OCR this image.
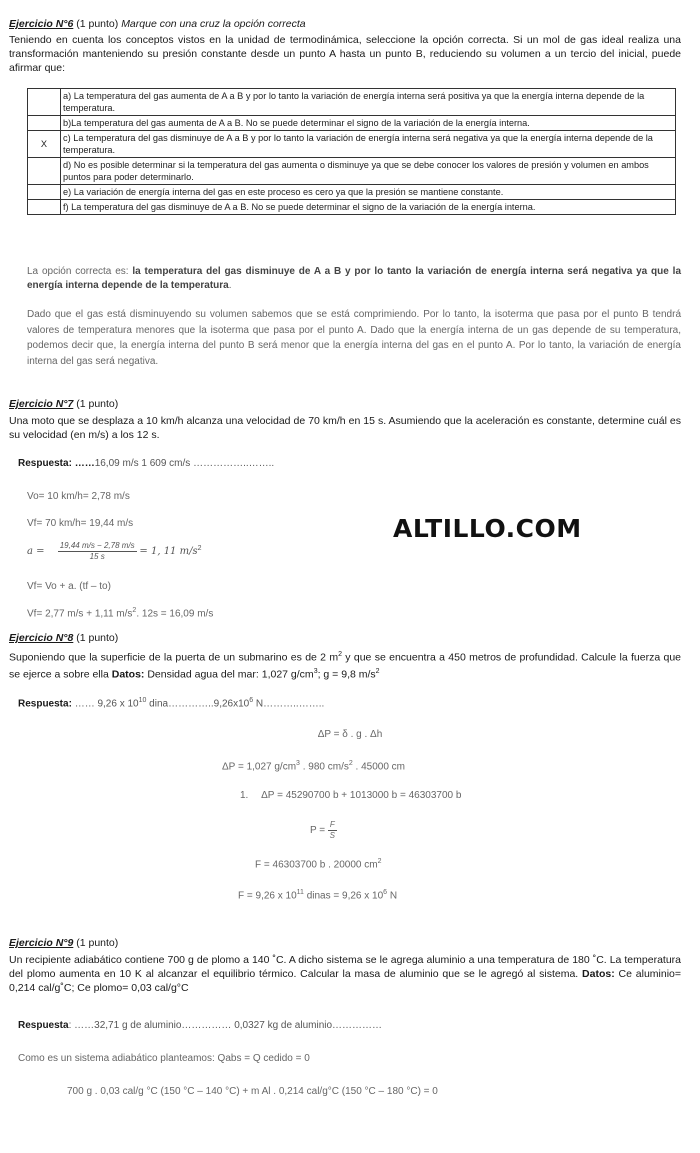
Ejercicio N°6 (1 punto) Marque con una cruz la opción correcta
Teniendo en cuenta los conceptos vistos en la unidad de termodinámica, seleccione la opción correcta. Si un mol de gas ideal realiza una transformación manteniendo su presión constante desde un punto A hasta un punto B, reduciendo su volumen a un tercio del inicial, puede afirmar que:
	a) La temperatura del gas aumenta de A a B y por lo tanto la variación de energía interna será positiva ya que la energía interna depende de la temperatura.
	b)La temperatura del gas aumenta de A a B. No se puede determinar el signo de la variación de la energía interna.
X	c) La temperatura del gas disminuye de A a B y por lo tanto la variación de energía interna será negativa ya que la energía interna depende de la temperatura.
	d) No es posible determinar si la temperatura del gas aumenta o disminuye ya que se debe conocer los valores de presión y volumen en ambos puntos para poder determinarlo.
	e) La variación de energía interna del gas en este proceso es cero ya que la presión se mantiene constante.
	f) La temperatura del gas disminuye de A a B. No se puede determinar el signo de la variación de la energía interna.
La opción correcta es: la temperatura del gas disminuye de A a B y por lo tanto la variación de energía interna será negativa ya que la energía interna depende de la temperatura.
Dado que el gas está disminuyendo su volumen sabemos que se está comprimiendo. Por lo tanto, la isoterma que pasa por el punto B tendrá valores de temperatura menores que la isoterma que pasa por el punto A. Dado que la energía interna de un gas depende de su temperatura, podemos decir que, la energía interna del punto B será menor que la energía interna del gas en el punto A. Por lo tanto, la variación de energía interna del gas será negativa.
Ejercicio N°7 (1 punto)
Una moto que se desplaza a 10 km/h alcanza una velocidad de 70 km/h en 15 s. Asumiendo que la aceleración es constante, determine cuál es su velocidad (en m/s) a los 12 s.
Respuesta: ……16,09 m/s 1 609 cm/s ……………..……..
Vo= 10 km/h= 2,78 m/s
Vf= 70 km/h= 19,44 m/s
$a = \frac{19,44 m/s - 2,78 m/s}{15 s} = 1$, 11 $m/s^2$
Vf= Vo + a. (tf – to)
Vf= 2,77 m/s + 1,11 $m/s^2$. 12s = 16,09 m/s
ALTILLO.COM
Ejercicio N°8 (1 punto)
Suponiendo que la superficie de la puerta de un submarino es de 2 $m^2$ y que se encuentra a 450 metros de profundidad. Calcule la fuerza que se ejerce a sobre ella Datos: Densidad agua del mar: 1,027 $g/cm^3$; g = 9,8 $m/s^2$
Respuesta: …… 9,26 x $10^{10}$ $dina\dots\dots\dots\dots..9,26x10^6$ N………..……..
ΔP = δ . g . Δh
ΔP = 1,027 $g/cm^3$ . 980 $cm/s^2$ . 45000 cm
1. ΔP = 45290700 b + 1013000 b = 46303700 b
$P = \frac{F}{S}$
F = 46303700 b . 20000 $cm^2$
F = 9,26 x $10^{11}$ dinas = 9,26 x $10^6$ N
Ejercicio N°9 (1 punto)
Un recipiente adiabático contiene 700 g de plomo a 140 ˚C. A dicho sistema se le agrega aluminio a una temperatura de 180 ˚C. La temperatura del plomo aumenta en 10 K al alcanzar el equilibrio térmico. Calcular la masa de aluminio que se le agregó al sistema. Datos: Ce aluminio= 0,214 cal/g˚C; Ce plomo= 0,03 cal/g°C
Respuesta: ……32,71 g de aluminio…………… 0,0327 kg de aluminio……………
Como es un sistema adiabático planteamos: Qabs = Q cedido = 0
700 g . 0,03 cal/g °C (150 °C – 140 °C) + m Al . 0,214 cal/g°C (150 °C – 180 °C) = 0
